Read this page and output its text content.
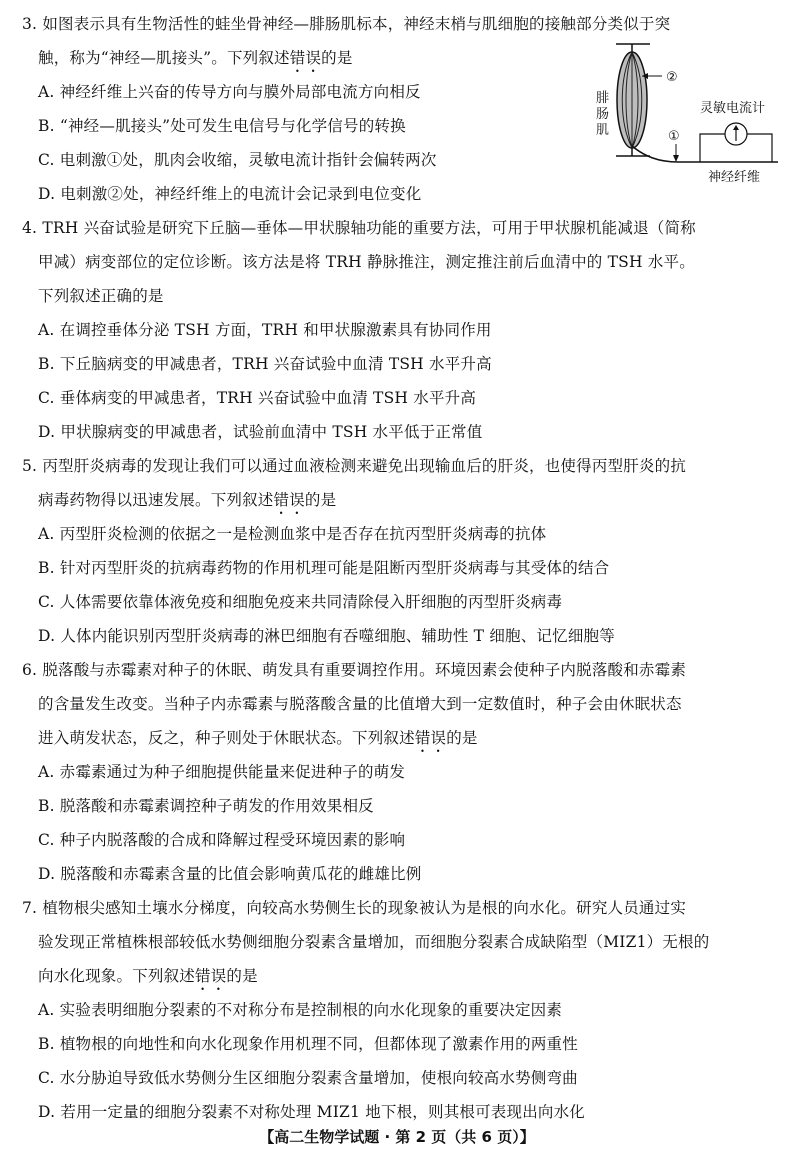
3. 如图表示具有生物活性的蛙坐骨神经—腓肠肌标本，神经末梢与肌细胞的接触部分类似于突
触，称为“神经—肌接头”。下列叙述错误的是
A. 神经纤维上兴奋的传导方向与膜外局部电流方向相反
B. “神经—肌接头”处可发生电信号与化学信号的转换
C. 电刺激①处，肌肉会收缩，灵敏电流计指针会偏转两次
D. 电刺激②处，神经纤维上的电流计会记录到电位变化
②
腓
肠
肌	①
灵敏电流计
神经纤维
4. TRH 兴奋试验是研究下丘脑—垂体—甲状腺轴功能的重要方法，可用于甲状腺机能减退（简称
甲减）病变部位的定位诊断。该方法是将 TRH 静脉推注，测定推注前后血清中的 TSH 水平。
下列叙述正确的是
A. 在调控垂体分泌 TSH 方面，TRH 和甲状腺激素具有协同作用
B. 下丘脑病变的甲减患者，TRH 兴奋试验中血清 TSH 水平升高
C. 垂体病变的甲减患者，TRH 兴奋试验中血清 TSH 水平升高
D. 甲状腺病变的甲减患者，试验前血清中 TSH 水平低于正常值
5. 丙型肝炎病毒的发现让我们可以通过血液检测来避免出现输血后的肝炎，也使得丙型肝炎的抗
病毒药物得以迅速发展。下列叙述错误的是
A. 丙型肝炎检测的依据之一是检测血浆中是否存在抗丙型肝炎病毒的抗体
B. 针对丙型肝炎的抗病毒药物的作用机理可能是阻断丙型肝炎病毒与其受体的结合
C. 人体需要依靠体液免疫和细胞免疫来共同清除侵入肝细胞的丙型肝炎病毒
D. 人体内能识别丙型肝炎病毒的淋巴细胞有吞噬细胞、辅助性 T 细胞、记忆细胞等
6. 脱落酸与赤霉素对种子的休眠、萌发具有重要调控作用。环境因素会使种子内脱落酸和赤霉素
的含量发生改变。当种子内赤霉素与脱落酸含量的比值增大到一定数值时，种子会由休眠状态
进入萌发状态，反之，种子则处于休眠状态。下列叙述错误的是
A. 赤霉素通过为种子细胞提供能量来促进种子的萌发
B. 脱落酸和赤霉素调控种子萌发的作用效果相反
C. 种子内脱落酸的合成和降解过程受环境因素的影响
D. 脱落酸和赤霉素含量的比值会影响黄瓜花的雌雄比例
7. 植物根尖感知土壤水分梯度，向较高水势侧生长的现象被认为是根的向水化。研究人员通过实
验发现正常植株根部较低水势侧细胞分裂素含量增加，而细胞分裂素合成缺陷型（MIZ1）无根的
向水化现象。下列叙述错误的是
A. 实验表明细胞分裂素的不对称分布是控制根的向水化现象的重要决定因素
B. 植物根的向地性和向水化现象作用机理不同，但都体现了激素作用的两重性
C. 水分胁迫导致低水势侧分生区细胞分裂素含量增加，使根向较高水势侧弯曲
D. 若用一定量的细胞分裂素不对称处理 MIZ1 地下根，则其根可表现出向水化
【高二生物学试题 · 第 2 页（共 6 页）】
